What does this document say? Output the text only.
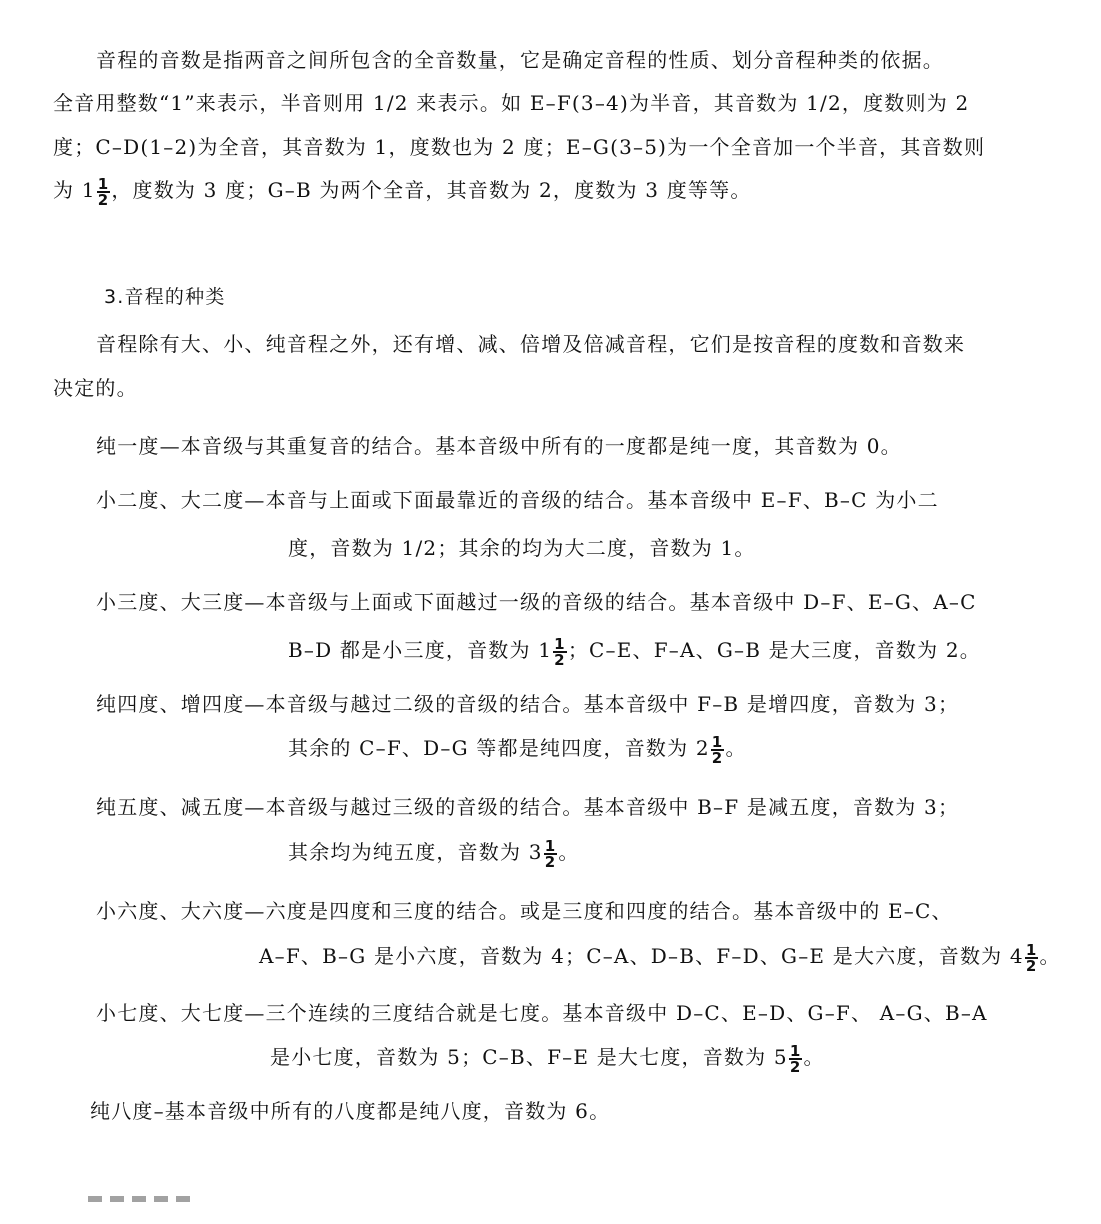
音程的音数是指两音之间所包含的全音数量，它是确定音程的性质、划分音程种类的依据。
全音用整数“1”来表示，半音则用 1/2 来表示。如 E–F(3–4)为半音，其音数为 1/2，度数则为 2
度；C–D(1–2)为全音，其音数为 1，度数也为 2 度；E–G(3–5)为一个全音加一个半音，其音数则
为 $1 \frac{1}{2}$ ，度数为 3 度；G–B 为两个全音，其音数为 2，度数为 3 度等等。
3.音程的种类
音程除有大、小、纯音程之外，还有增、减、倍增及倍减音程，它们是按音程的度数和音数来
决定的。
纯一度—本音级与其重复音的结合。基本音级中所有的一度都是纯一度，其音数为 0。
小二度、大二度—本音与上面或下面最靠近的音级的结合。基本音级中 E–F、B–C 为小二
度，音数为 1/2；其余的均为大二度，音数为 1。
小三度、大三度—本音级与上面或下面越过一级的音级的结合。基本音级中 D–F、E–G、A–C
B–D 都是小三度，音数为 $1 \frac{1}{2}$ ；C–E、F–A、G–B 是大三度，音数为 2。
纯四度、增四度—本音级与越过二级的音级的结合。基本音级中 F–B 是增四度，音数为 3；
其余的 C–F、D–G 等都是纯四度，音数为 $2 \frac{1}{2}$ 。
纯五度、减五度—本音级与越过三级的音级的结合。基本音级中 B–F 是减五度，音数为 3；
其余均为纯五度，音数为 $3 \frac{1}{2}$ 。
小六度、大六度—六度是四度和三度的结合。或是三度和四度的结合。基本音级中的 E–C、
A–F、B–G 是小六度，音数为 4；C–A、D–B、F–D、G–E 是大六度，音数为 $4 \frac{1}{2}$ 。
小七度、大七度—三个连续的三度结合就是七度。基本音级中 D–C、E–D、G–F、 A–G、B–A
是小七度，音数为 5；C–B、F–E 是大七度，音数为 $5 \frac{1}{2}$ 。
纯八度–基本音级中所有的八度都是纯八度，音数为 6。
